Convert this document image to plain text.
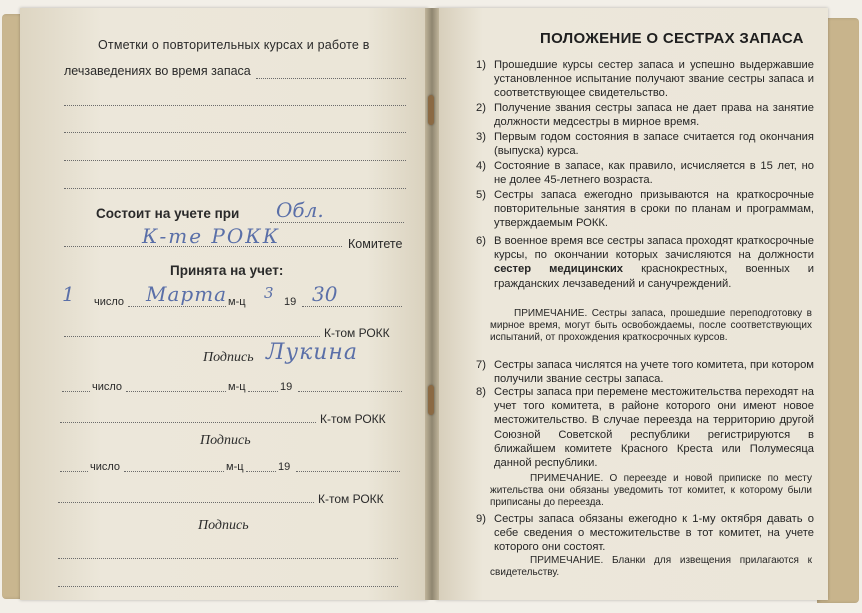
Отметки о повторительных курсах и работе в
лечзаведениях во время запаса
Состоит на учете при Обл.
К-те РОКК	Комитете
Принята на учет:
1 число Марта м-ц 3 19 30
К-том РОКК
Подпись Лукина
число	м-ц	19
К-том РОКК
Подпись
число	м-ц	19
К-том РОКК
Подпись
ПОЛОЖЕНИЕ О СЕСТРАХ ЗАПАСА
1) Прошедшие курсы сестер запаса и успешно выдержавшие установленное испытание получают звание сестры запаса и соответствующее свидетельство.
2) Получение звания сестры запаса не дает права на занятие должности медсестры в мирное время.
3) Первым годом состояния в запасе считается год окончания (выпуска) курса.
4) Состояние в запасе, как правило, исчисляется в 15 лет, но не долее 45-летнего возраста.
5) Сестры запаса ежегодно призываются на краткосрочные повторительные занятия в сроки по планам и программам, утверждаемым РОКК.
6) В военное время все сестры запаса проходят краткосрочные курсы, по окончании которых зачисляются на должности сестер медицинских краснокрестных, военных и гражданских лечзаведений и санучреждений.
ПРИМЕЧАНИЕ. Сестры запаса, прошедшие переподготовку в мирное время, могут быть освобождаемы, после соответствующих испытаний, от прохождения краткосрочных курсов.
7) Сестры запаса числятся на учете того комитета, при котором получили звание сестры запаса.
8) Сестры запаса при перемене местожительства переходят на учет того комитета, в районе которого они имеют новое местожительство. В случае переезда на территорию другой Союзной Советской республики регистрируются в ближайшем комитете Красного Креста или Полумесяца данной республики.
ПРИМЕЧАНИЕ. О переезде и новой приписке по месту жительства они обязаны уведомить тот комитет, к которому были приписаны до переезда.
9) Сестры запаса обязаны ежегодно к 1-му октября давать о себе сведения о местожительстве в тот комитет, на учете которого они состоят.
ПРИМЕЧАНИЕ. Бланки для извещения прилагаются к свидетельству.
